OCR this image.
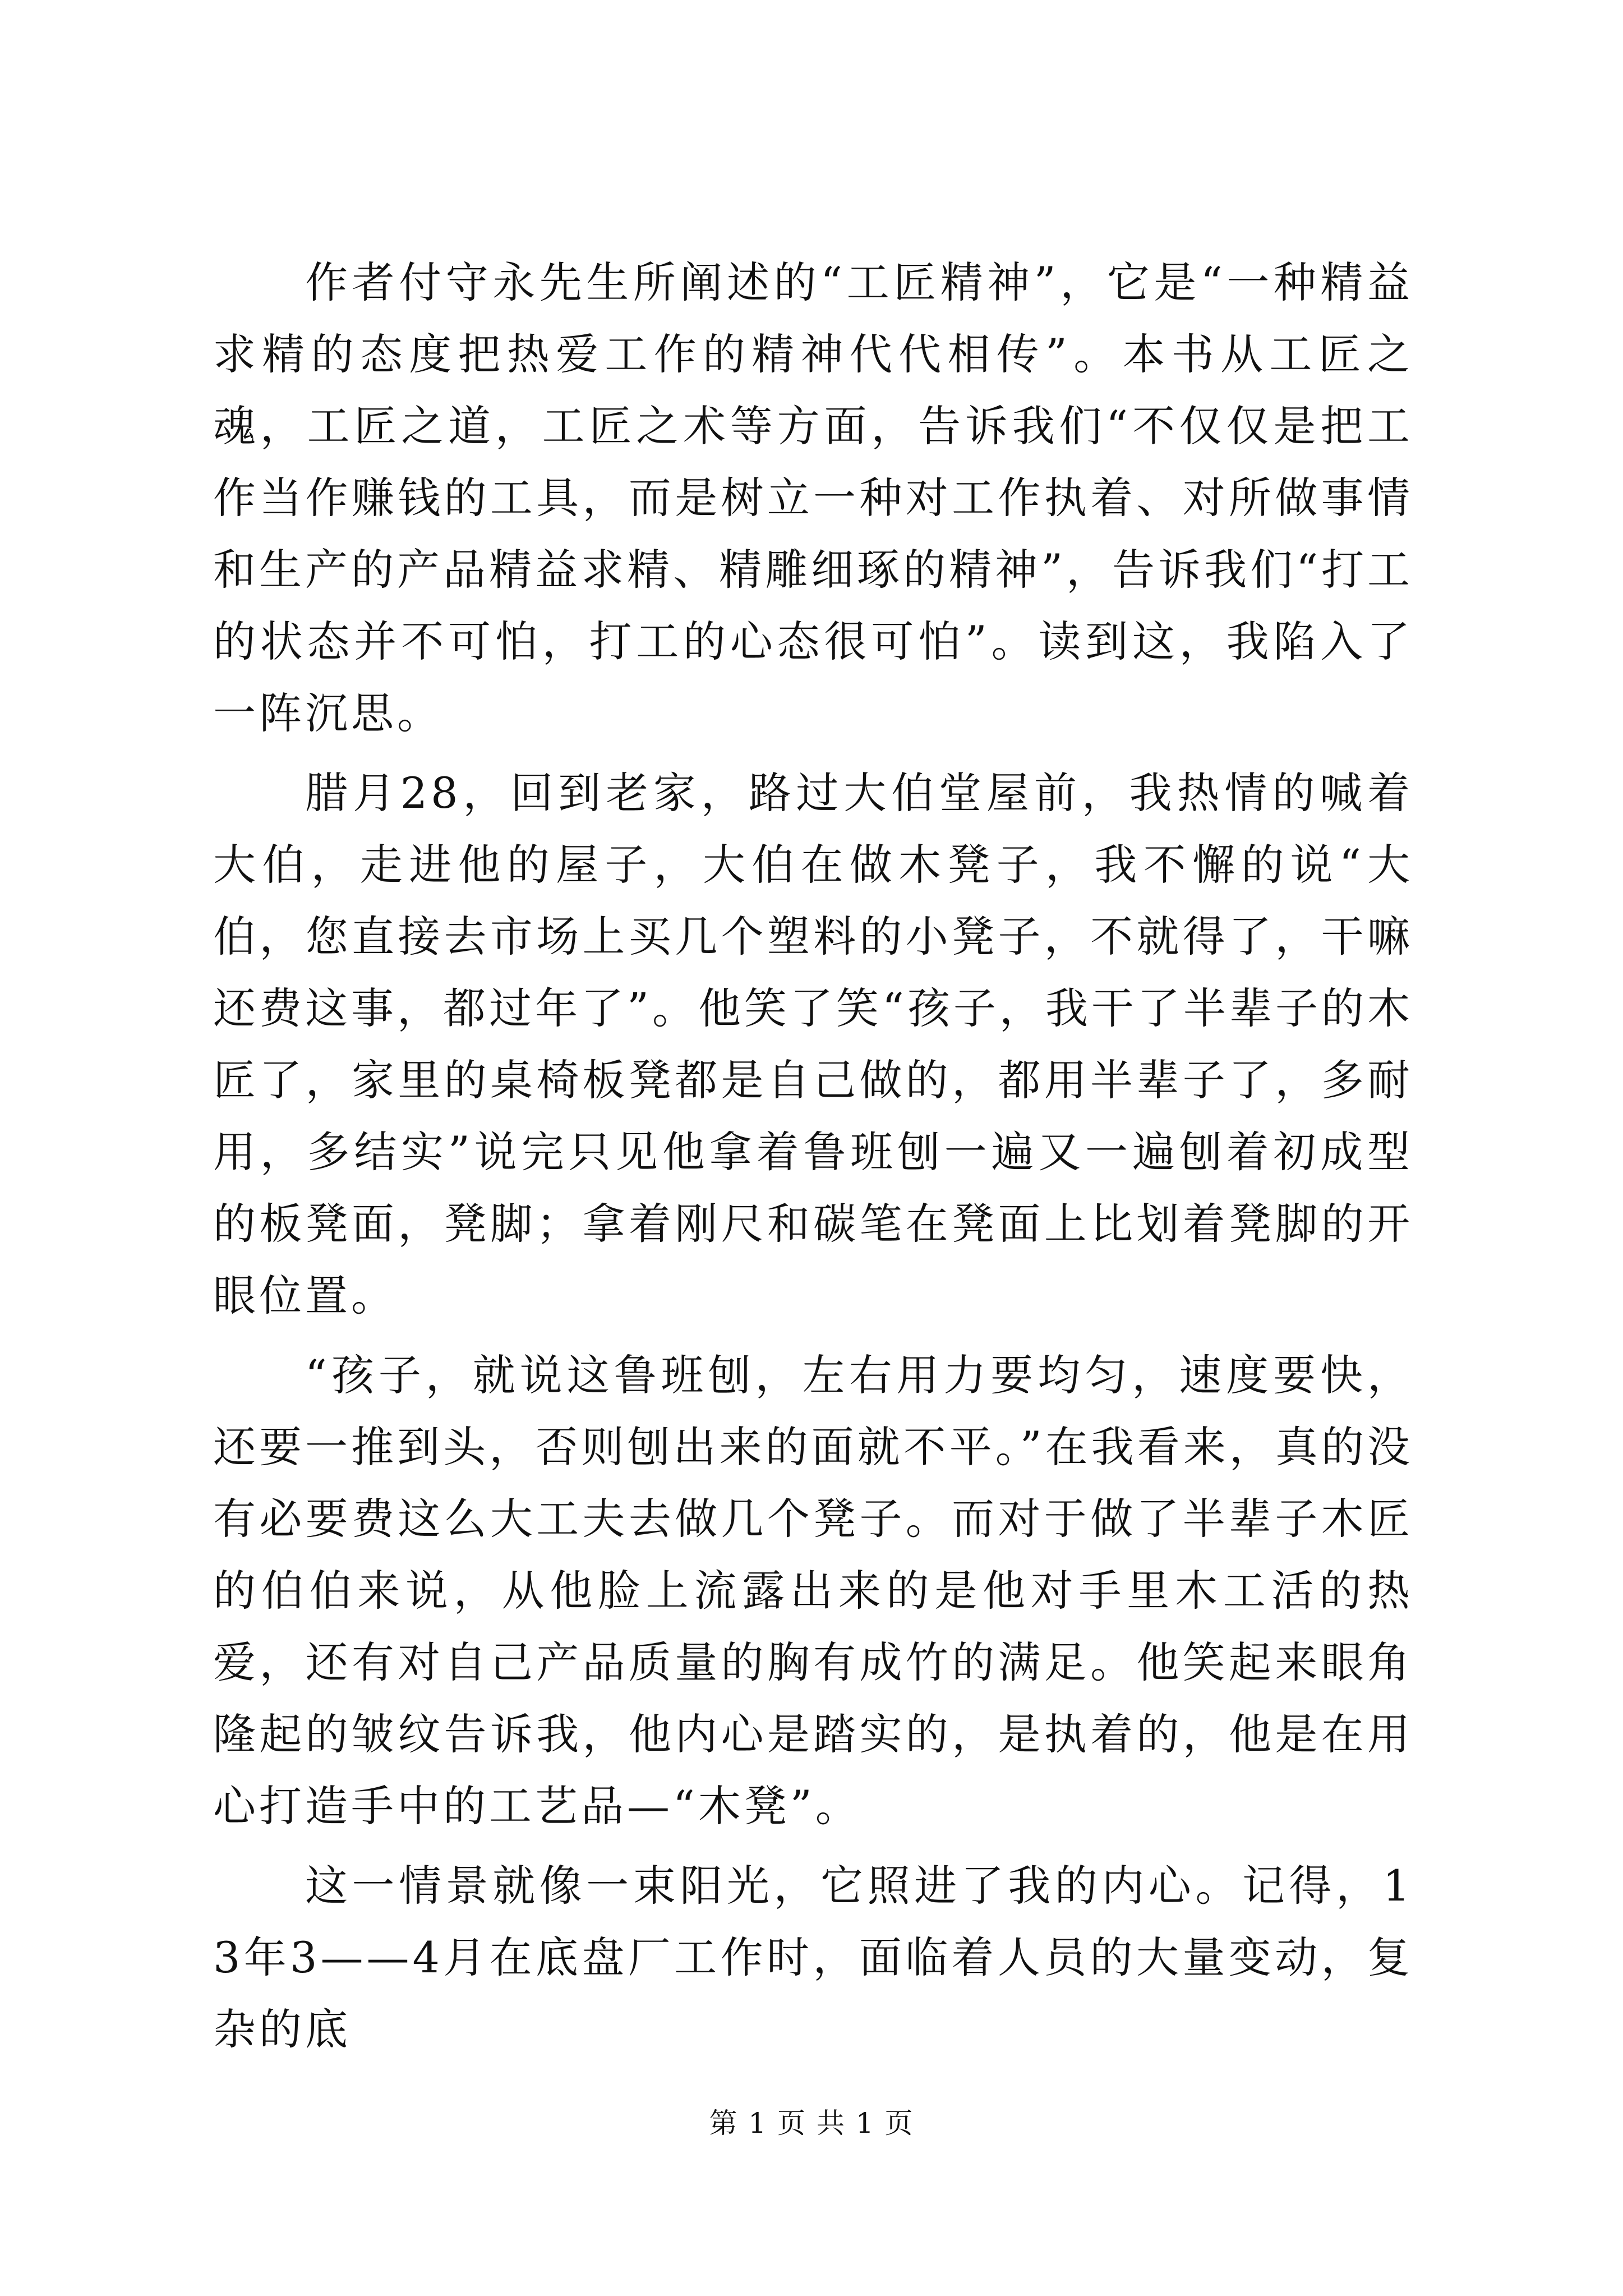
作者付守永先生所阐述的“工匠精神”，它是“一种精益求精的态度把热爱工作的精神代代相传”。本书从工匠之魂，工匠之道，工匠之术等方面，告诉我们“不仅仅是把工作当作赚钱的工具，而是树立一种对工作执着、对所做事情和生产的产品精益求精、精雕细琢的精神”，告诉我们“打工的状态并不可怕，打工的心态很可怕”。读到这，我陷入了一阵沉思。

腊月28，回到老家，路过大伯堂屋前，我热情的喊着大伯，走进他的屋子，大伯在做木凳子，我不懈的说“大伯，您直接去市场上买几个塑料的小凳子，不就得了，干嘛还费这事，都过年了”。他笑了笑“孩子，我干了半辈子的木匠了，家里的桌椅板凳都是自己做的，都用半辈子了，多耐用，多结实”说完只见他拿着鲁班刨一遍又一遍刨着初成型的板凳面，凳脚；拿着刚尺和碳笔在凳面上比划着凳脚的开眼位置。

“孩子，就说这鲁班刨，左右用力要均匀，速度要快，还要一推到头，否则刨出来的面就不平。”在我看来，真的没有必要费这么大工夫去做几个凳子。而对于做了半辈子木匠的伯伯来说，从他脸上流露出来的是他对手里木工活的热爱，还有对自己产品质量的胸有成竹的满足。他笑起来眼角隆起的皱纹告诉我，他内心是踏实的，是执着的，他是在用心打造手中的工艺品—“木凳”。

这一情景就像一束阳光，它照进了我的内心。记得，13年3——4月在底盘厂工作时，面临着人员的大量变动，复杂的底

第 1 页 共 1 页
